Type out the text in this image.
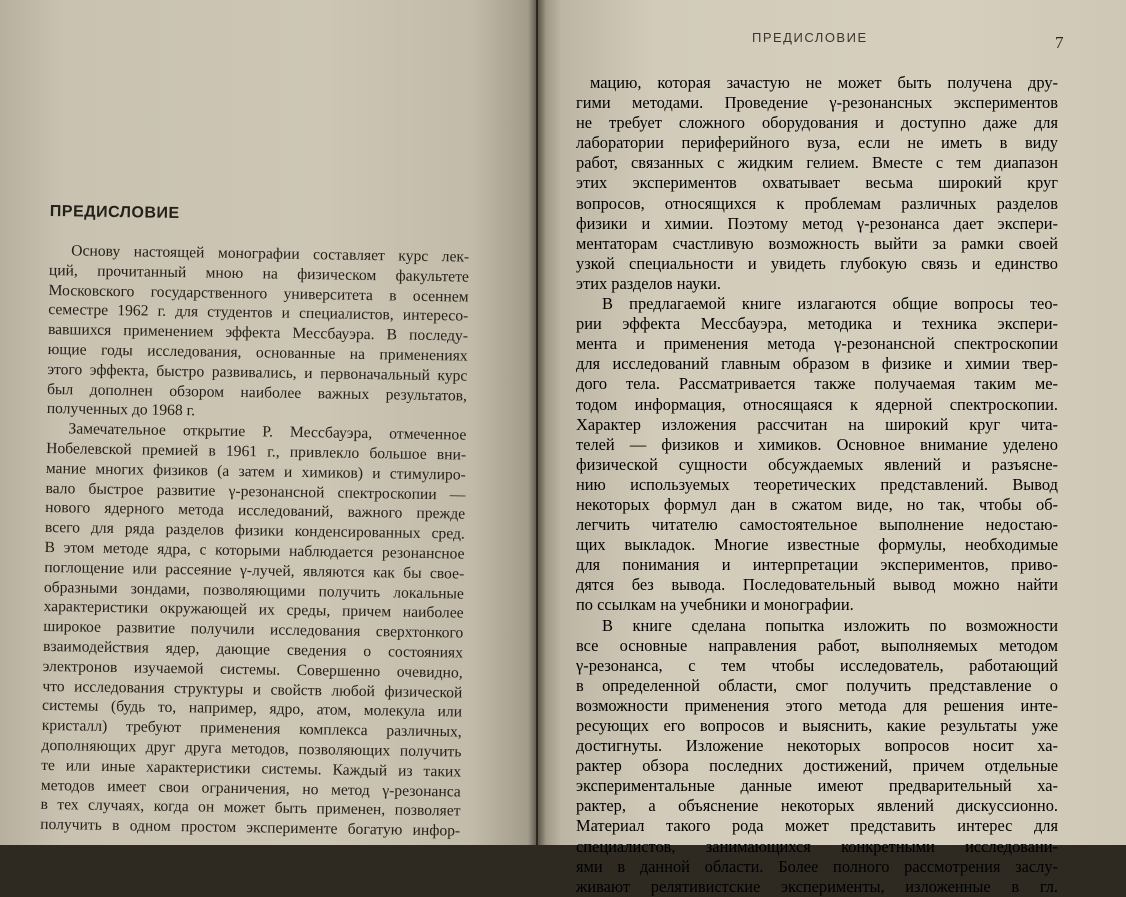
ПРЕДИСЛОВИЕ
Основу настоящей монографии составляет курс лек-
ций, прочитанный мною на физическом факультете
Московского государственного университета в осеннем
семестре 1962 г. для студентов и специалистов, интересо-
вавшихся применением эффекта Мессбауэра. В последу-
ющие годы исследования, основанные на применениях
этого эффекта, быстро развивались, и первоначальный курс
был дополнен обзором наиболее важных результатов,
полученных до 1968 г.
Замечательное открытие Р. Мессбауэра, отмеченное
Нобелевской премией в 1961 г., привлекло большое вни-
мание многих физиков (а затем и химиков) и стимулиро-
вало быстрое развитие γ-резонансной спектроскопии —
нового ядерного метода исследований, важного прежде
всего для ряда разделов физики конденсированных сред.
В этом методе ядра, с которыми наблюдается резонансное
поглощение или рассеяние γ-лучей, являются как бы свое-
образными зондами, позволяющими получить локальные
характеристики окружающей их среды, причем наиболее
широкое развитие получили исследования сверхтонкого
взаимодействия ядер, дающие сведения о состояниях
электронов изучаемой системы. Совершенно очевидно,
что исследования структуры и свойств любой физической
системы (будь то, например, ядро, атом, молекула или
кристалл) требуют применения комплекса различных,
дополняющих друг друга методов, позволяющих получить
те или иные характеристики системы. Каждый из таких
методов имеет свои ограничения, но метод γ-резонанса
в тех случаях, когда он может быть применен, позволяет
получить в одном простом эксперименте богатую инфор-
ПРЕДИСЛОВИЕ	7
мацию, которая зачастую не может быть получена дру-
гими методами. Проведение γ-резонансных экспериментов
не требует сложного оборудования и доступно даже для
лаборатории периферийного вуза, если не иметь в виду
работ, связанных с жидким гелием. Вместе с тем диапазон
этих экспериментов охватывает весьма широкий круг
вопросов, относящихся к проблемам различных разделов
физики и химии. Поэтому метод γ-резонанса дает экспери-
ментаторам счастливую возможность выйти за рамки своей
узкой специальности и увидеть глубокую связь и единство
этих разделов науки.
В предлагаемой книге излагаются общие вопросы тео-
рии эффекта Мессбауэра, методика и техника экспери-
мента и применения метода γ-резонансной спектроскопии
для исследований главным образом в физике и химии твер-
дого тела. Рассматривается также получаемая таким ме-
тодом информация, относящаяся к ядерной спектроскопии.
Характер изложения рассчитан на широкий круг чита-
телей — физиков и химиков. Основное внимание уделено
физической сущности обсуждаемых явлений и разъясне-
нию используемых теоретических представлений. Вывод
некоторых формул дан в сжатом виде, но так, чтобы об-
легчить читателю самостоятельное выполнение недостаю-
щих выкладок. Многие известные формулы, необходимые
для понимания и интерпретации экспериментов, приво-
дятся без вывода. Последовательный вывод можно найти
по ссылкам на учебники и монографии.
В книге сделана попытка изложить по возможности
все основные направления работ, выполняемых методом
γ-резонанса, с тем чтобы исследователь, работающий
в определенной области, смог получить представление о
возможности применения этого метода для решения инте-
ресующих его вопросов и выяснить, какие результаты уже
достигнуты. Изложение некоторых вопросов носит ха-
рактер обзора последних достижений, причем отдельные
экспериментальные данные имеют предварительный ха-
рактер, а объяснение некоторых явлений дискуссионно.
Материал такого рода может представить интерес для
специалистов, занимающихся конкретными исследовани-
ями в данной области. Более полного рассмотрения заслу-
живают релятивистские эксперименты, изложенные в гл.
